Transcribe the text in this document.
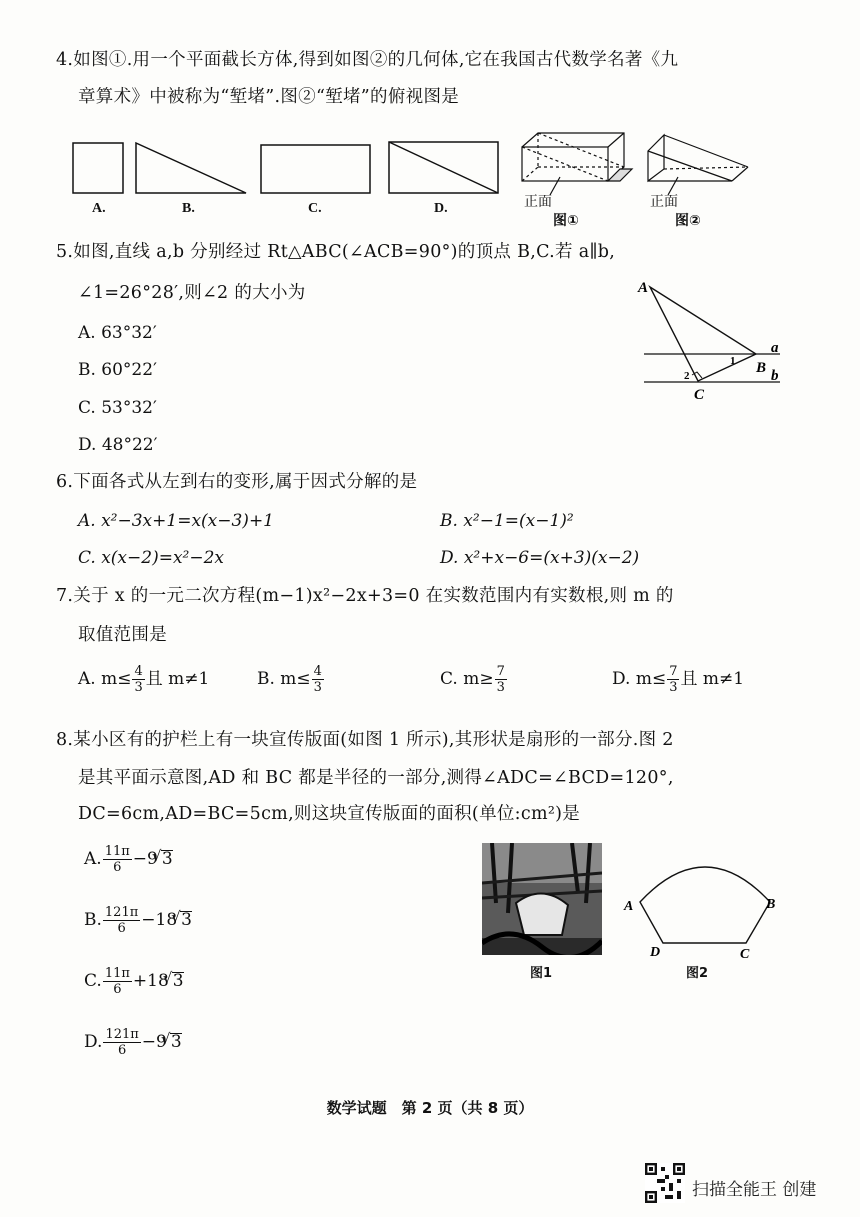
4.如图①.用一个平面截长方体,得到如图②的几何体,它在我国古代数学名著《九
章算术》中被称为“堑堵”.图②“堑堵”的俯视图是
A.	B.	C.	D.	正面
图①
正面
图②
5.如图,直线 a,b 分别经过 Rt△ABC(∠ACB=90°)的顶点 B,C.若 a∥b,
∠1=26°28′,则∠2 的大小为
A. 63°32′
B. 60°22′
C. 53°32′
D. 48°22′
A
B
C
a
b
1
2
6.下面各式从左到右的变形,属于因式分解的是
A. x²−3x+1=x(x−3)+1	B. x²−1=(x−1)²
C. x(x−2)=x²−2x	D. x²+x−6=(x+3)(x−2)
7.关于 x 的一元二次方程(m−1)x²−2x+3=0 在实数范围内有实数根,则 m 的
取值范围是
A. $m\le \frac{4}{3}$ 且 m≠1	B. $m\le \frac{4}{3}$	C. $m\ge \frac{7}{3}$	D. $m\le \frac{7}{3}$ 且 m≠1
8.某小区有的护栏上有一块宣传版面(如图 1 所示),其形状是扇形的一部分.图 2
是其平面示意图,AD 和 BC 都是半径的一部分,测得∠ADC=∠BCD=120°,
DC=6cm,AD=BC=5cm,则这块宣传版面的面积(单位:cm²)是
A. $\frac{11\pi}{6} -9√$ 3
B. $\frac{121\pi}{6} -18√$ 3
C. $\frac{11\pi}{6} +18√$ 3
D. $\frac{121\pi}{6} -9√$ 3
图1
A	B
C
D
图2
数学试题　第 2 页（共 8 页）
扫描全能王 创建
